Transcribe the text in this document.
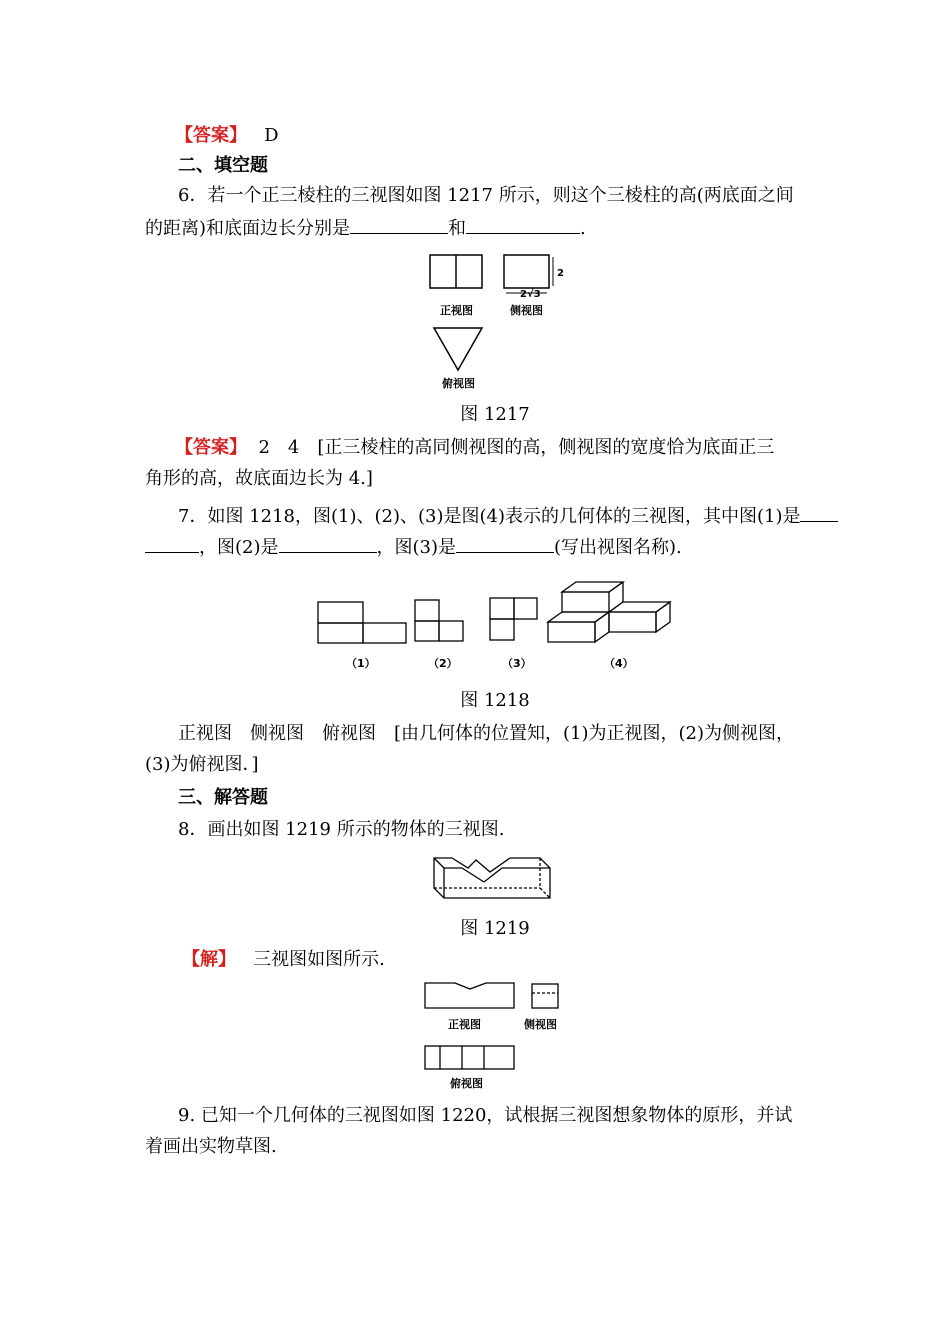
【答案】 D
二、填空题
6．若一个正三棱柱的三视图如图 1217 所示，则这个三棱柱的高(两底面之间
的距离)和底面边长分别是	和	.
2
2√3
正视图	侧视图
俯视图
图 1217
【答案】 2　4　[正三棱柱的高同侧视图的高，侧视图的宽度恰为底面正三
角形的高，故底面边长为 4.]
7．如图 1218，图(1)、(2)、(3)是图(4)表示的几何体的三视图，其中图(1)是
，图(2)是	，图(3)是	(写出视图名称).
（1）	（2）	（3）	（4）
图 1218
正视图　侧视图　俯视图　[由几何体的位置知，(1)为正视图，(2)为侧视图，
(3)为俯视图．]
三、解答题
8．画出如图 1219 所示的物体的三视图.
图 1219
【解】 三视图如图所示.
正视图	侧视图
俯视图
9. 已知一个几何体的三视图如图 1220，试根据三视图想象物体的原形，并试
着画出实物草图.
